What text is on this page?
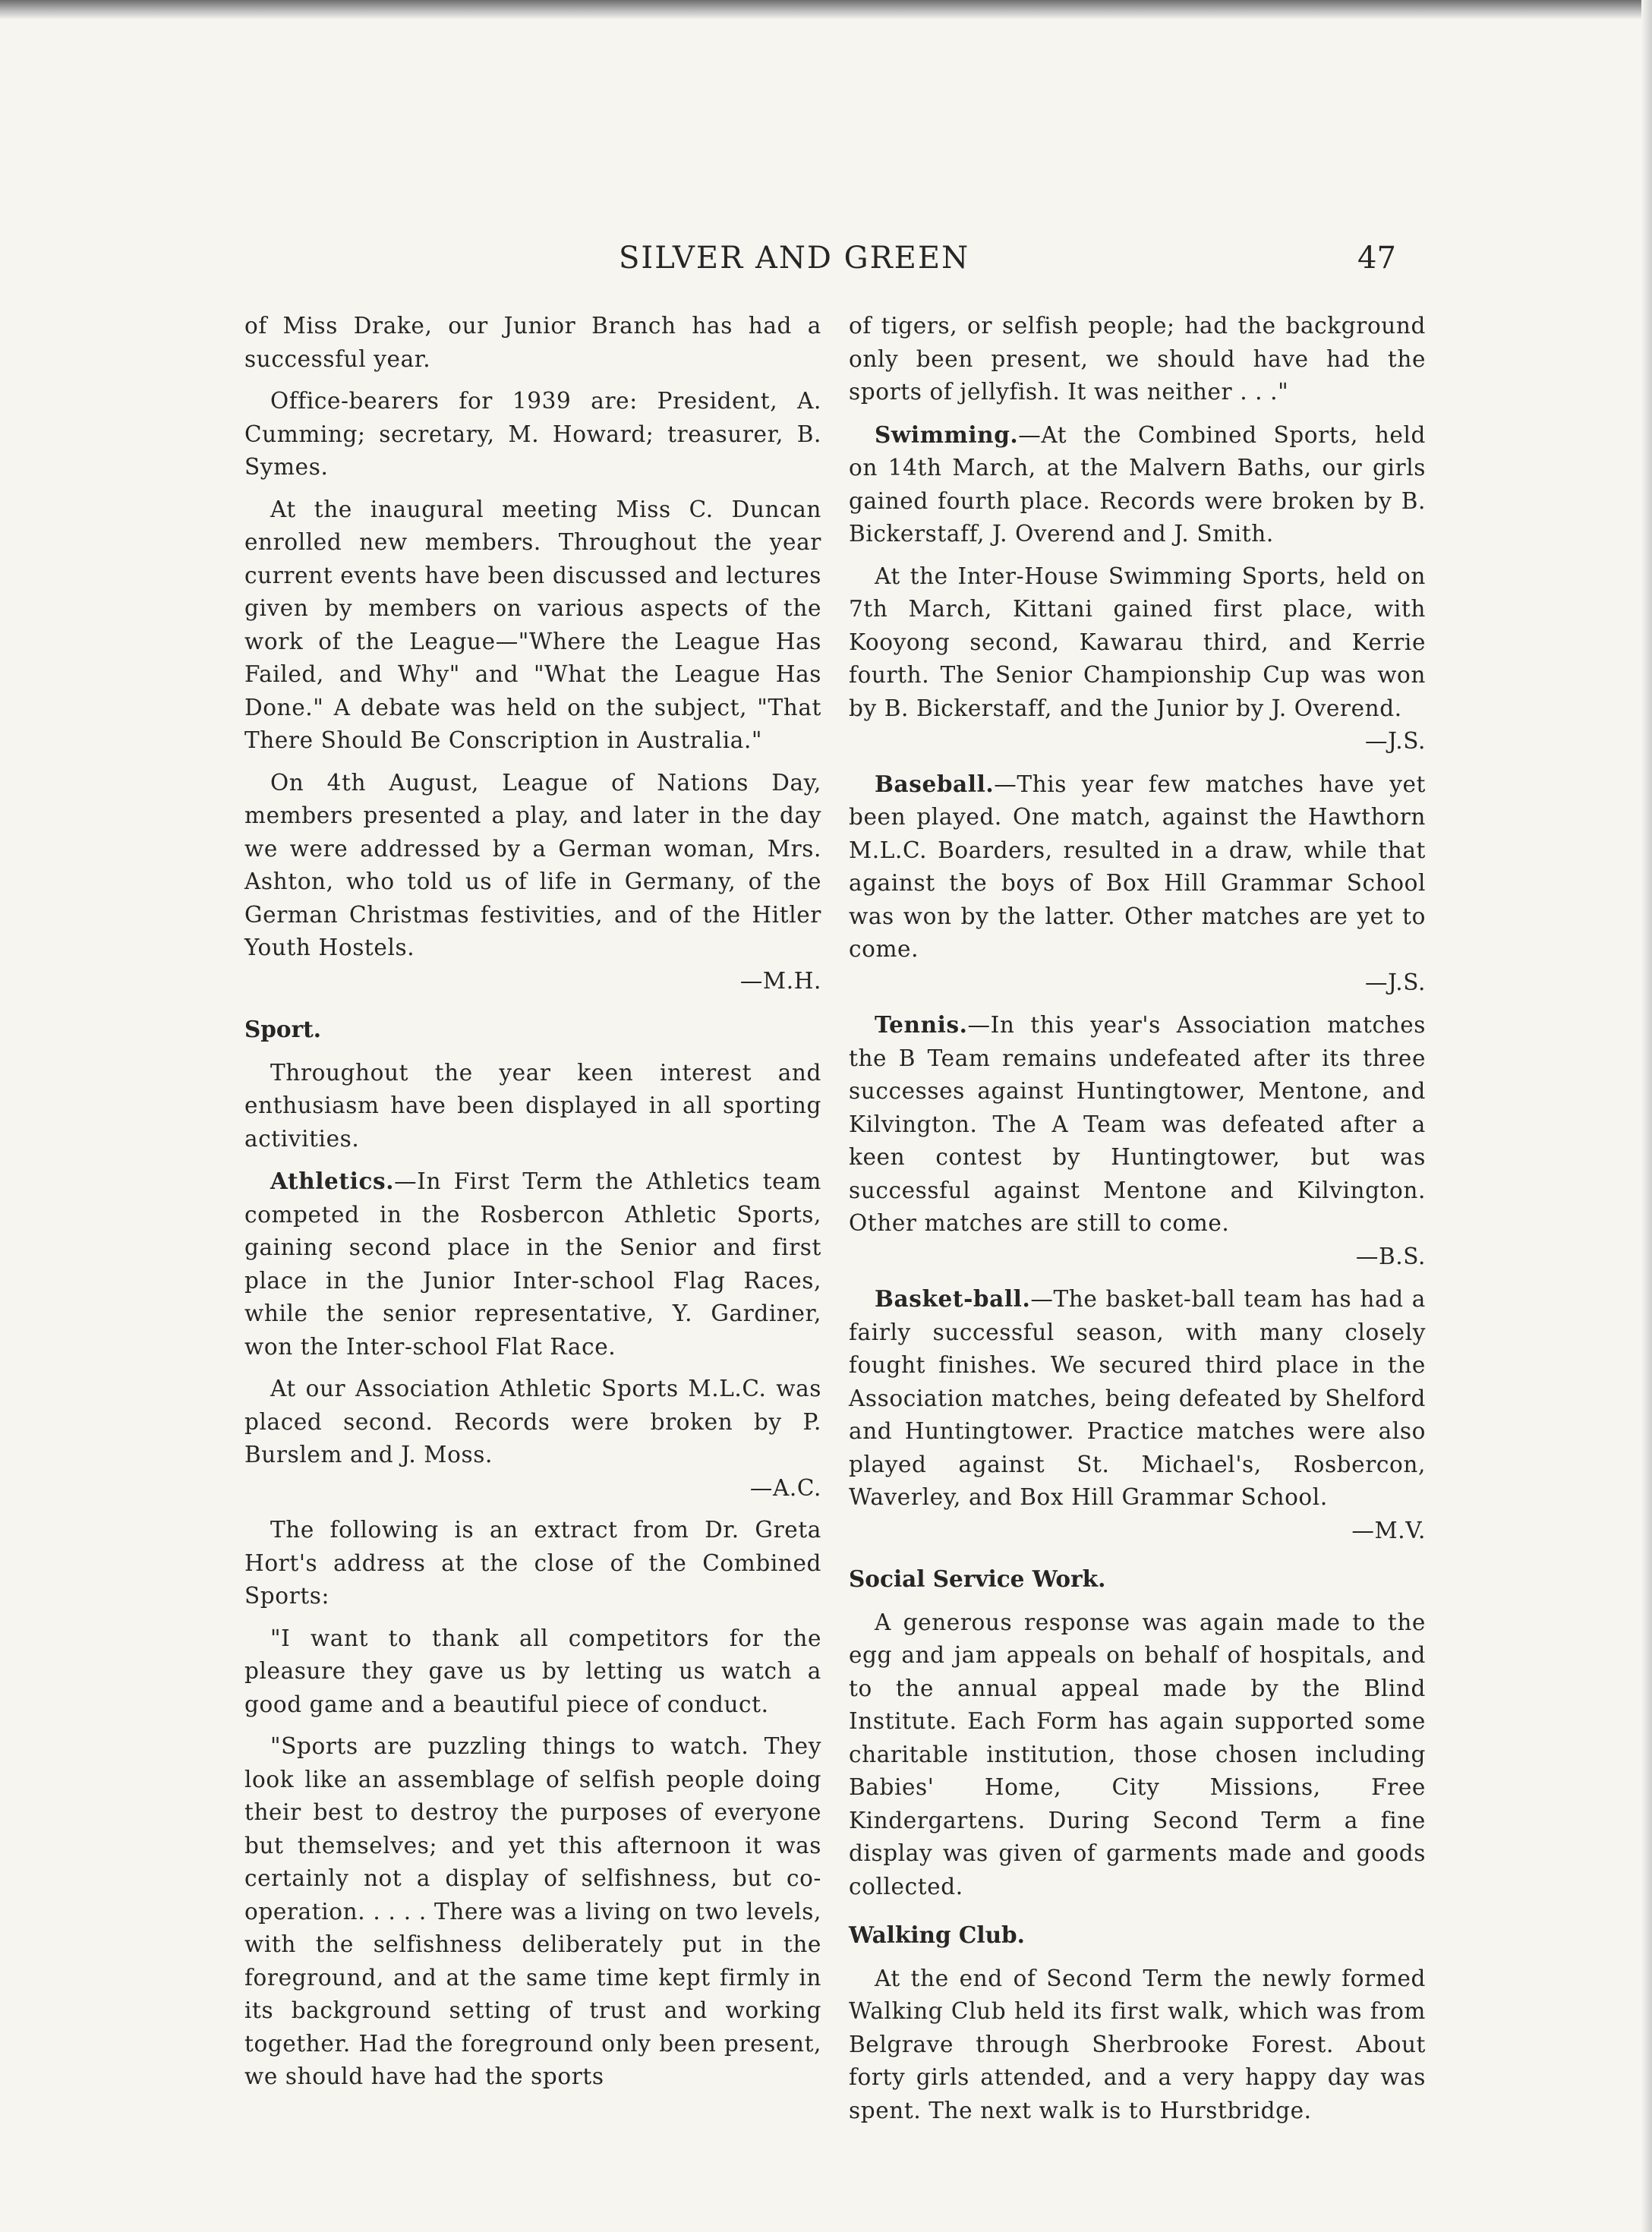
SILVER AND GREEN	47

of Miss Drake, our Junior Branch has had a successful year.

Office-bearers for 1939 are: President, A. Cumming; secretary, M. Howard; treasurer, B. Symes.

At the inaugural meeting Miss C. Duncan enrolled new members. Throughout the year current events have been discussed and lectures given by members on various aspects of the work of the League—"Where the League Has Failed, and Why" and "What the League Has Done." A debate was held on the subject, "That There Should Be Conscription in Australia."

On 4th August, League of Nations Day, members presented a play, and later in the day we were addressed by a German woman, Mrs. Ashton, who told us of life in Germany, of the German Christmas festivities, and of the Hitler Youth Hostels.
—M.H.

Sport.

Throughout the year keen interest and enthusiasm have been displayed in all sporting activities.

Athletics.—In First Term the Athletics team competed in the Rosbercon Athletic Sports, gaining second place in the Senior and first place in the Junior Inter-school Flag Races, while the senior representative, Y. Gardiner, won the Inter-school Flat Race.

At our Association Athletic Sports M.L.C. was placed second. Records were broken by P. Burslem and J. Moss.
—A.C.

The following is an extract from Dr. Greta Hort's address at the close of the Combined Sports:

"I want to thank all competitors for the pleasure they gave us by letting us watch a good game and a beautiful piece of conduct.

"Sports are puzzling things to watch. They look like an assemblage of selfish people doing their best to destroy the purposes of everyone but themselves; and yet this afternoon it was certainly not a display of selfishness, but co-operation. . . . . There was a living on two levels, with the selfishness deliberately put in the foreground, and at the same time kept firmly in its background setting of trust and working together. Had the foreground only been present, we should have had the sports

of tigers, or selfish people; had the background only been present, we should have had the sports of jellyfish. It was neither . . ."

Swimming.—At the Combined Sports, held on 14th March, at the Malvern Baths, our girls gained fourth place. Records were broken by B. Bickerstaff, J. Overend and J. Smith.

At the Inter-House Swimming Sports, held on 7th March, Kittani gained first place, with Kooyong second, Kawarau third, and Kerrie fourth. The Senior Championship Cup was won by B. Bickerstaff, and the Junior by J. Overend.
—J.S.

Baseball.—This year few matches have yet been played. One match, against the Hawthorn M.L.C. Boarders, resulted in a draw, while that against the boys of Box Hill Grammar School was won by the latter. Other matches are yet to come.
—J.S.

Tennis.—In this year's Association matches the B Team remains undefeated after its three successes against Huntingtower, Mentone, and Kilvington. The A Team was defeated after a keen contest by Huntingtower, but was successful against Mentone and Kilvington. Other matches are still to come.
—B.S.

Basket-ball.—The basket-ball team has had a fairly successful season, with many closely fought finishes. We secured third place in the Association matches, being defeated by Shelford and Huntingtower. Practice matches were also played against St. Michael's, Rosbercon, Waverley, and Box Hill Grammar School.
—M.V.

Social Service Work.

A generous response was again made to the egg and jam appeals on behalf of hospitals, and to the annual appeal made by the Blind Institute. Each Form has again supported some charitable institution, those chosen including Babies' Home, City Missions, Free Kindergartens. During Second Term a fine display was given of garments made and goods collected.

Walking Club.

At the end of Second Term the newly formed Walking Club held its first walk, which was from Belgrave through Sherbrooke Forest. About forty girls attended, and a very happy day was spent. The next walk is to Hurstbridge.
